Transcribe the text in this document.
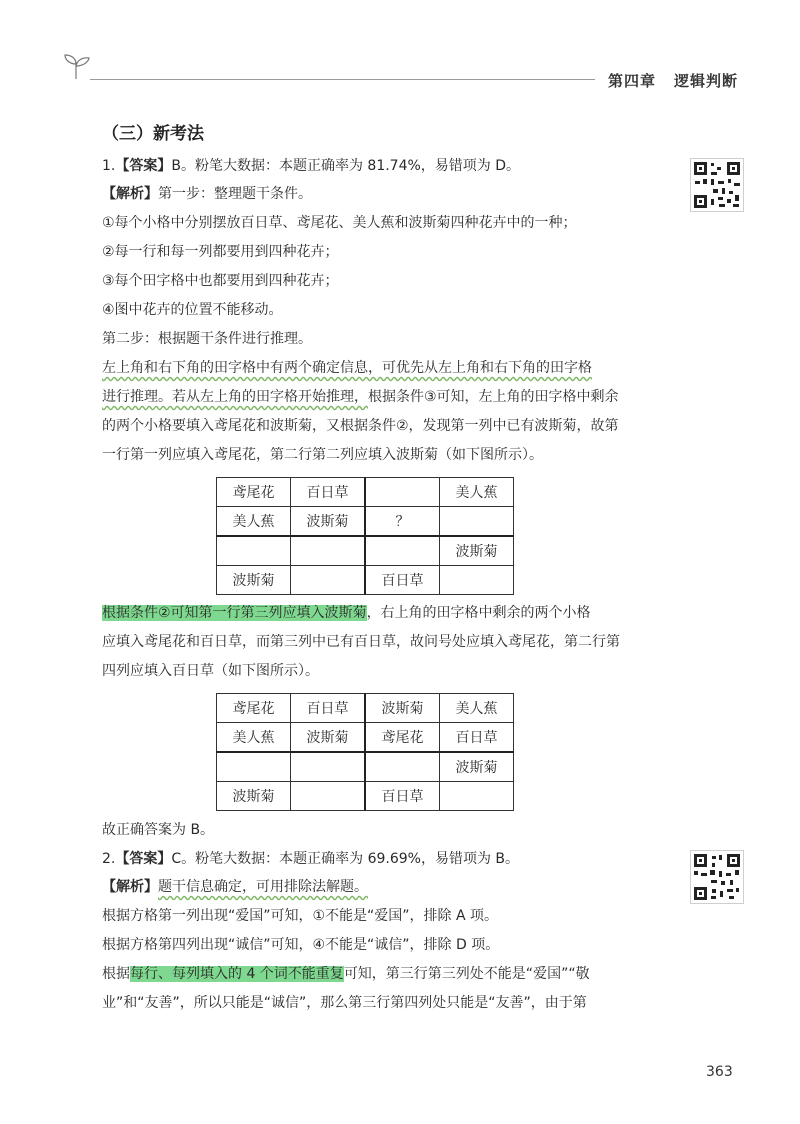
第四章 逻辑判断
（三）新考法
1.【答案】B。粉笔大数据：本题正确率为 81.74%，易错项为 D。
【解析】第一步：整理题干条件。
①每个小格中分别摆放百日草、鸢尾花、美人蕉和波斯菊四种花卉中的一种；
②每一行和每一列都要用到四种花卉；
③每个田字格中也都要用到四种花卉；
④图中花卉的位置不能移动。
第二步：根据题干条件进行推理。
左上角和右下角的田字格中有两个确定信息，可优先从左上角和右下角的田字格
进行推理。若从左上角的田字格开始推理，根据条件③可知，左上角的田字格中剩余
的两个小格要填入鸢尾花和波斯菊，又根据条件②，发现第一列中已有波斯菊，故第
一行第一列应填入鸢尾花，第二行第二列应填入波斯菊（如下图所示）。
鸢尾花	百日草		美人蕉
美人蕉	波斯菊	？	
			波斯菊
波斯菊		百日草	
根据条件②可知第一行第三列应填入波斯菊，右上角的田字格中剩余的两个小格
应填入鸢尾花和百日草，而第三列中已有百日草，故问号处应填入鸢尾花，第二行第
四列应填入百日草（如下图所示）。
鸢尾花	百日草	波斯菊	美人蕉
美人蕉	波斯菊	鸢尾花	百日草
			波斯菊
波斯菊		百日草	
故正确答案为 B。
2.【答案】C。粉笔大数据：本题正确率为 69.69%，易错项为 B。
【解析】题干信息确定，可用排除法解题。
根据方格第一列出现“爱国”可知，①不能是“爱国”，排除 A 项。
根据方格第四列出现“诚信”可知，④不能是“诚信”，排除 D 项。
根据每行、每列填入的 4 个词不能重复可知，第三行第三列处不能是“爱国”“敬
业”和“友善”，所以只能是“诚信”，那么第三行第四列处只能是“友善”，由于第
363
